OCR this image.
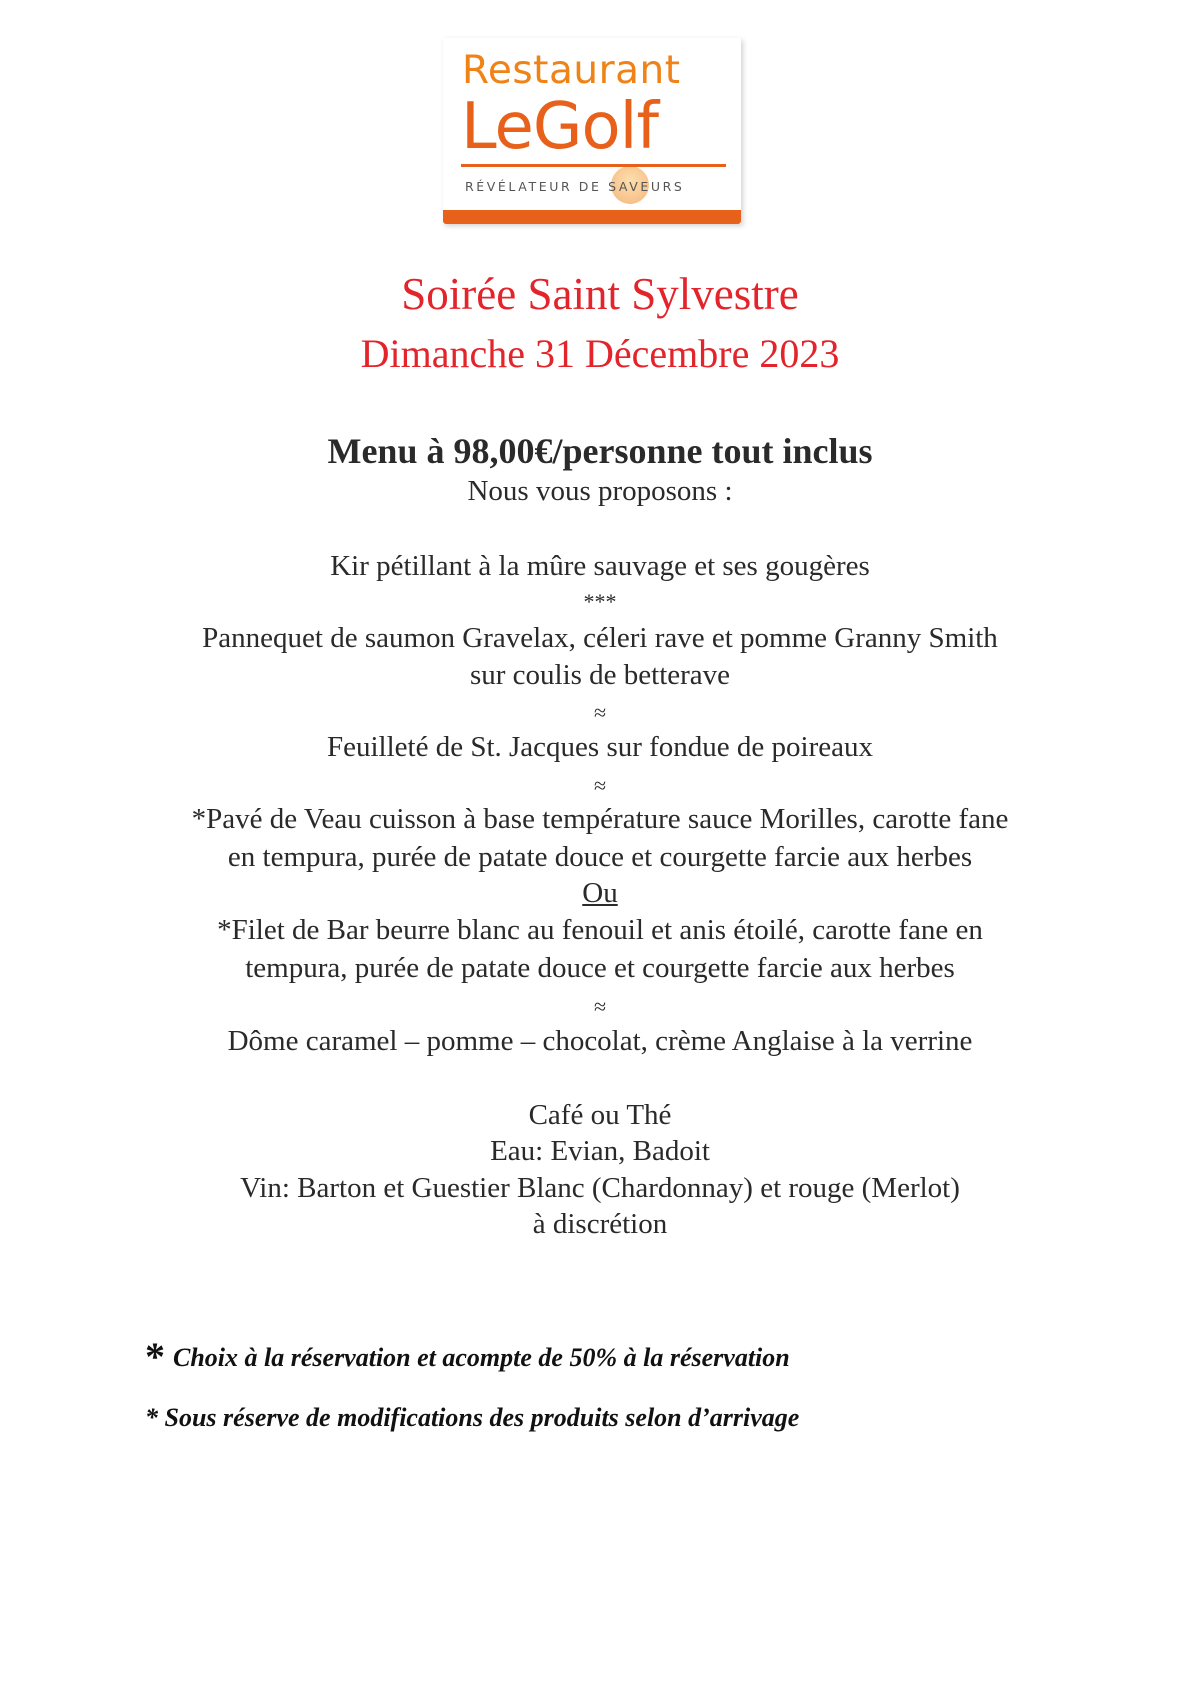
Restaurant
LeGolf
RÉVÉLATEUR DE SAVEURS

Soirée Saint Sylvestre

Dimanche 31 Décembre 2023

Menu à 98,00€/personne tout inclus

Nous vous proposons :

Kir pétillant à la mûre sauvage et ses gougères

***

Pannequet de saumon Gravelax, céleri rave et pomme Granny Smith

sur coulis de betterave

≈

Feuilleté de St. Jacques sur fondue de poireaux

≈

*Pavé de Veau cuisson à base température sauce Morilles, carotte fane

en tempura, purée de patate douce et courgette farcie aux herbes

Ou

*Filet de Bar beurre blanc au fenouil et anis étoilé, carotte fane en

tempura, purée de patate douce et courgette farcie aux herbes

≈

Dôme caramel – pomme – chocolat, crème Anglaise à la verrine

Café ou Thé

Eau: Evian, Badoit

Vin: Barton et Guestier Blanc (Chardonnay) et rouge (Merlot)

à discrétion

* Choix à la réservation et acompte de 50% à la réservation
* Sous réserve de modifications des produits selon d’arrivage
